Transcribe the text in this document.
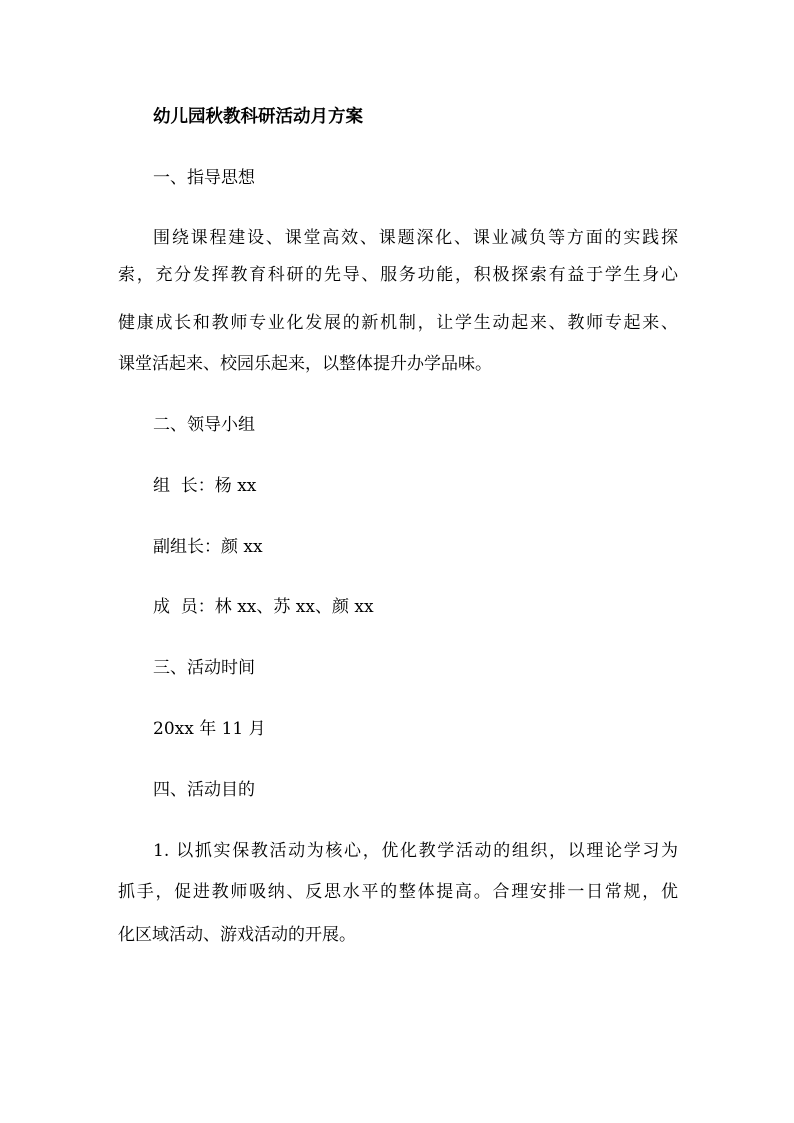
幼儿园秋教科研活动月方案
一、指导思想
围绕课程建设、课堂高效、课题深化、课业减负等方面的实践探
索，充分发挥教育科研的先导、服务功能，积极探索有益于学生身心
健康成长和教师专业化发展的新机制，让学生动起来、教师专起来、
课堂活起来、校园乐起来，以整体提升办学品味。
二、领导小组
组  长：杨 xx
副组长：颜 xx
成  员：林 xx、苏 xx、颜 xx
三、活动时间
20xx 年 11 月
四、活动目的
1. 以抓实保教活动为核心，优化教学活动的组织，以理论学习为
抓手，促进教师吸纳、反思水平的整体提高。合理安排一日常规，优
化区域活动、游戏活动的开展。
